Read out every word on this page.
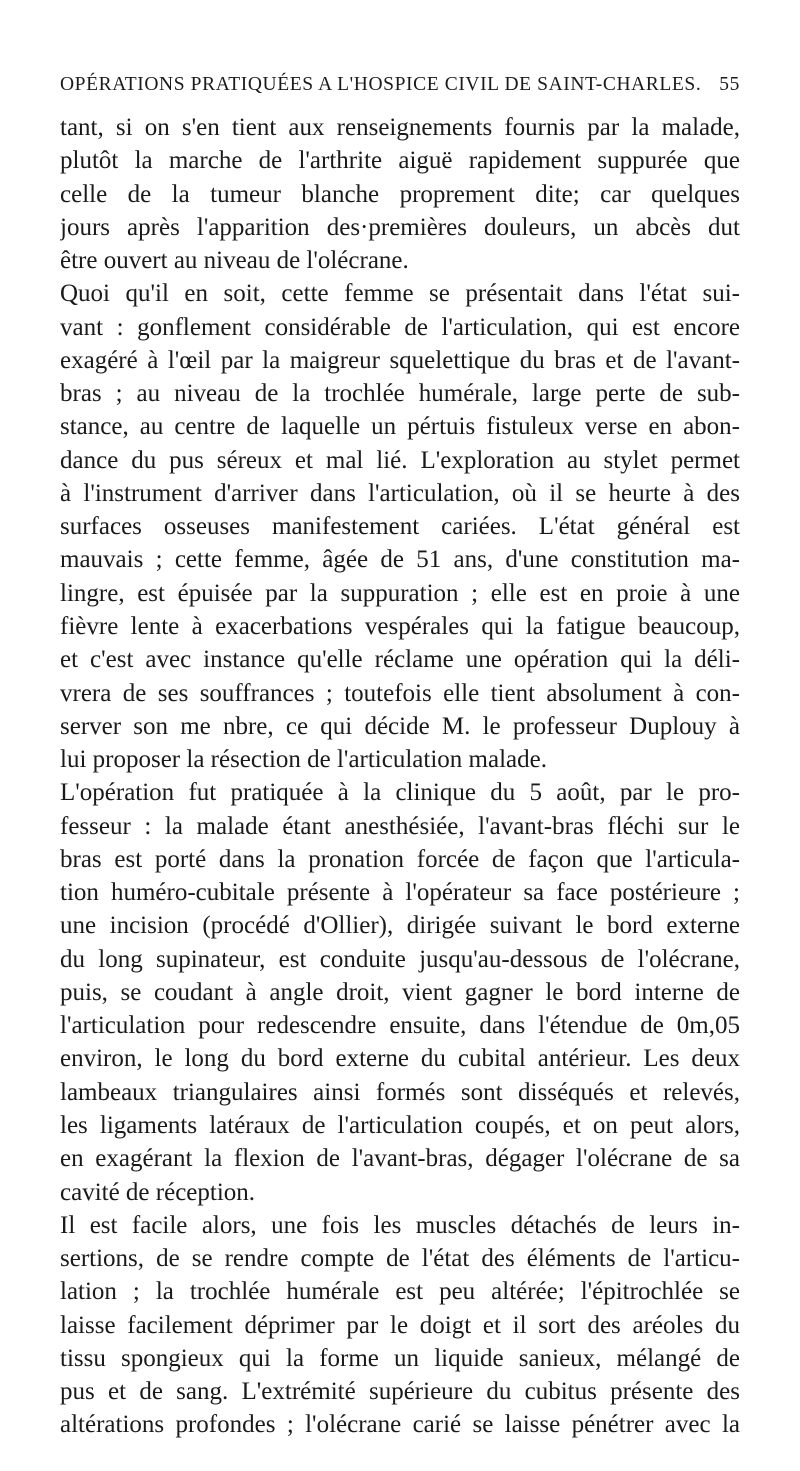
OPÉRATIONS PRATIQUÉES A L'HOSPICE CIVIL DE SAINT-CHARLES. 55
tant, si on s'en tient aux renseignements fournis par la malade,
plutôt la marche de l'arthrite aiguë rapidement suppurée que
celle de la tumeur blanche proprement dite; car quelques
jours après l'apparition des·premières douleurs, un abcès dut
être ouvert au niveau de l'olécrane.
Quoi qu'il en soit, cette femme se présentait dans l'état sui-
vant : gonflement considérable de l'articulation, qui est encore
exagéré à l'œil par la maigreur squelettique du bras et de l'avant-
bras ; au niveau de la trochlée humérale, large perte de sub-
stance, au centre de laquelle un pértuis fistuleux verse en abon-
dance du pus séreux et mal lié. L'exploration au stylet permet
à l'instrument d'arriver dans l'articulation, où il se heurte à des
surfaces osseuses manifestement cariées. L'état général est
mauvais ; cette femme, âgée de 51 ans, d'une constitution ma-
lingre, est épuisée par la suppuration ; elle est en proie à une
fièvre lente à exacerbations vespérales qui la fatigue beaucoup,
et c'est avec instance qu'elle réclame une opération qui la déli-
vrera de ses souffrances ; toutefois elle tient absolument à con-
server son me nbre, ce qui décide M. le professeur Duplouy à
lui proposer la résection de l'articulation malade.
L'opération fut pratiquée à la clinique du 5 août, par le pro-
fesseur : la malade étant anesthésiée, l'avant-bras fléchi sur le
bras est porté dans la pronation forcée de façon que l'articula-
tion huméro-cubitale présente à l'opérateur sa face postérieure ;
une incision (procédé d'Ollier), dirigée suivant le bord externe
du long supinateur, est conduite jusqu'au-dessous de l'olécrane,
puis, se coudant à angle droit, vient gagner le bord interne de
l'articulation pour redescendre ensuite, dans l'étendue de 0m,05
environ, le long du bord externe du cubital antérieur. Les deux
lambeaux triangulaires ainsi formés sont disséqués et relevés,
les ligaments latéraux de l'articulation coupés, et on peut alors,
en exagérant la flexion de l'avant-bras, dégager l'olécrane de sa
cavité de réception.
Il est facile alors, une fois les muscles détachés de leurs in-
sertions, de se rendre compte de l'état des éléments de l'articu-
lation ; la trochlée humérale est peu altérée; l'épitrochlée se
laisse facilement déprimer par le doigt et il sort des aréoles du
tissu spongieux qui la forme un liquide sanieux, mélangé de
pus et de sang. L'extrémité supérieure du cubitus présente des
altérations profondes ; l'olécrane carié se laisse pénétrer avec la
